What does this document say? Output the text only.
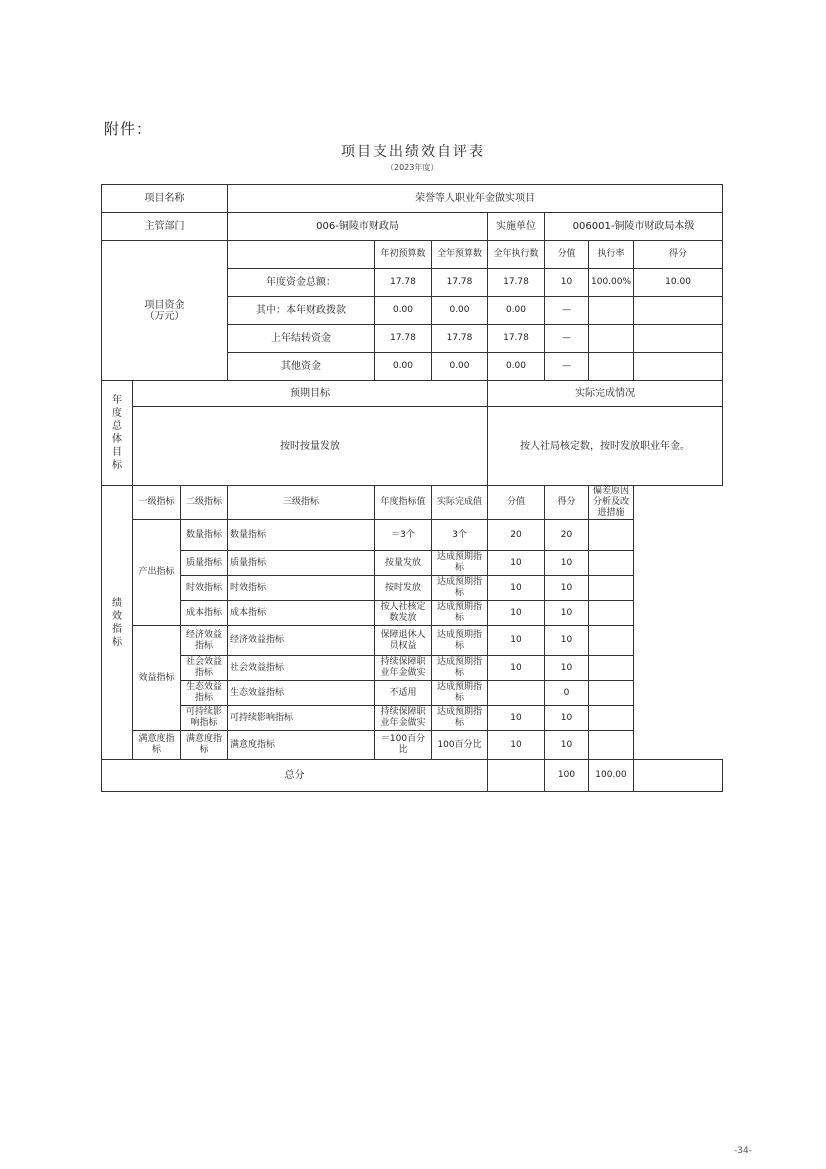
附件：
项目支出绩效自评表
（2023年度）
项目名称			荣誉等人职业年金做实项目						
主管部门			006-铜陵市财政局			实施单位	006001-铜陵市财政局本级		
项目资金
（万元）				年初预算数	全年预算数	全年执行数	分值	执行率	得分
			年度资金总额：	17.78	17.78	17.78	10	100.00%	10.00
			其中：本年财政拨款	0.00	0.00	0.00	—		
			上年结转资金	17.78	17.78	17.78	—		
			其他资金	0.00	0.00	0.00	—		

年度总体目标	预期目标					实际完成情况			
	按时按量发放					按人社局核定数，按时发放职业年金。			

绩效指标	一级指标	二级指标	三级指标	年度指标值	实际完成值	分值	得分	偏差原因分析及改进措施	
	产出指标	数量指标	数量指标	＝3个	3个	20	20		
		质量指标	质量指标	按量发放	达成预期指标	10	10		
		时效指标	时效指标	按时发放	达成预期指标	10	10		
		成本指标	成本指标	按人社核定数发放	达成预期指标	10	10		
	效益指标	经济效益指标	经济效益指标	保障退休人员权益	达成预期指标	10	10		
		社会效益指标	社会效益指标	持续保障职业年金做实	达成预期指标	10	10		
		生态效益指标	生态效益指标	不适用	达成预期指标		0		
		可持续影响指标	可持续影响指标	持续保障职业年金做实	达成预期指标	10	10		
	满意度指标	满意度指标	满意度指标	＝100百分比	100百分比	10	10		
总分							100	100.00	
-34-
